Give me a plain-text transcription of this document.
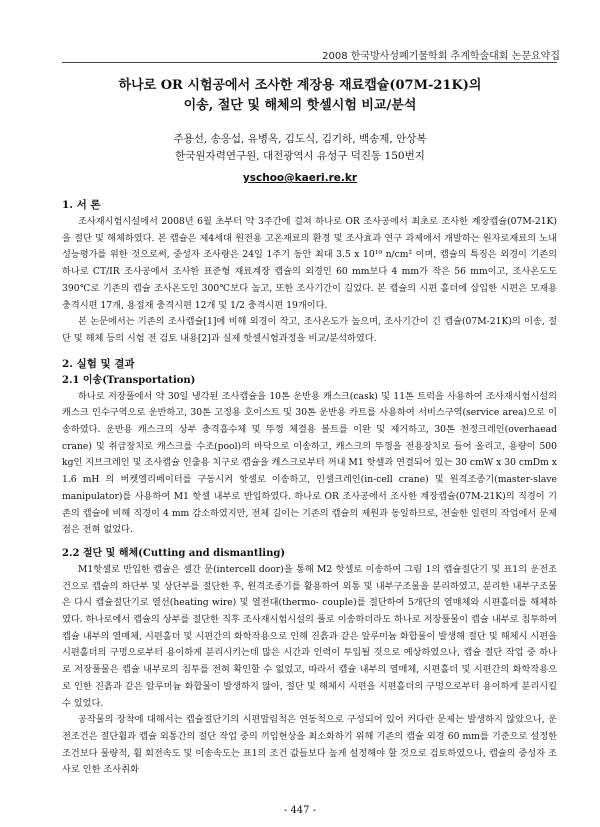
2008 한국방사성폐기물학회 추계학술대회 논문요약집
하나로 OR 시험공에서 조사한 계장용 재료캡슐(07M-21K)의
이송, 절단 및 해체의 핫셀시험 비교/분석
주용선, 송응섭, 유병옥, 김도식, 김기하, 백송제, 안상복
한국원자력연구원, 대전광역시 유성구 덕진동 150번지
yschoo@kaeri.re.kr

1. 서 론

조사재시험시설에서 2008년 6월 초부터 약 3주간에 걸쳐 하나로 OR 조사공에서 최초로 조사한 계장캡슐(07M-21K)을 절단 및 해체하였다. 본 캡슐은 제4세대 원전용 고온재료의 환경 및 조사효과 연구 과제에서 개발하는 원자로재료의 노내 성능평가를 위한 것으로써, 중성자 조사량은 24일 1주기 동안 최대 3.5 x 10¹⁹ n/cm² 이며, 캡슐의 특징은 외경이 기존의 하나로 CT/IR 조사공에서 조사한 표준형 재료계장 캡슐의 외경인 60 mm보다 4 mm가 작은 56 mm이고, 조사온도도 390℃로 기존의 캡슐 조사온도인 300℃보다 높고, 또한 조사기간이 길었다. 본 캡슐의 시편 홀더에 삽입한 시편은 모재용 충격시편 17개, 용접재 충격시편 12개 및 1/2 충격시편 19개이다.

본 논문에서는 기존의 조사캡슐[1]에 비해 외경이 작고, 조사온도가 높으며, 조사기간이 긴 캡슐(07M-21K)의 이송, 절단 및 해체 등의 시험 전 검토 내용[2]과 실제 핫셀시험과정을 비교/분석하였다.

2. 실험 및 결과

2.1 이송(Transportation)

하나로 저장풀에서 약 30일 냉각된 조사캡슐을 10톤 운반용 캐스크(cask) 및 11톤 트럭을 사용하여 조사재시험시설의 캐스크 인수구역으로 운반하고, 30톤 고정용 호이스트 및 30톤 운반용 카트를 사용하여 서비스구역(service area)으로 이송하였다. 운반용 캐스크의 상부 충격흡수체 및 뚜껑 체결용 볼트를 이완 및 제거하고, 30톤 천정크레인(overhaead crane) 및 취급장치로 캐스크를 수조(pool)의 바닥으로 이송하고, 캐스크의 뚜껑을 전용장치로 들어 올리고, 용량이 500 kg인 지브크레인 및 조사캡슐 인출용 치구로 캡슐을 캐스크로부터 꺼내 M1 핫셀과 연결되어 있는 30 cmW x 30 cmDm x 1.6 mH 의 버켓엘리베이터를 구동시켜 핫셀로 이송하고, 인셀크레인(in-cell crane) 및 원격조종기(master-slave manipulator)를 사용하여 M1 핫셀 내부로 반입하였다. 하나로 OR 조사공에서 조사한 계장캡슐(07M-21K)의 직경이 기존의 캡슐에 비해 직경이 4 mm 감소하였지만, 전체 길이는 기존의 캡슐의 제원과 동일하므로, 전술한 일련의 작업에서 문제점은 전혀 없었다.

2.2 절단 및 해체(Cutting and dismantling)

M1핫셀로 반입한 캡슐은 셀간 문(intercell door)을 통해 M2 핫셀로 이송하여 그림 1의 캡슐절단기 및 표1의 운전조건으로 캡슐의 하단부 및 상단부를 절단한 후, 원격조종기를 활용하여 외통 및 내부구조물을 분리하였고, 분리한 내부구조물은 다시 캡슐절단기로 열선(heating wire) 및 열전대(thermo- couple)를 절단하여 5개단의 열매체와 시편홀더를 해체하였다. 하나로에서 캡슐의 상부를 절단한 직후 조사재시험시설의 풀로 이송하더라도 하나로 저장풀물이 캡슐 내부로 침투하여 캡슐 내부의 열매체, 시편홀더 및 시편간의 화학작용으로 인해 진흙과 같은 알루미늄 화합물이 발생해 절단 및 해체시 시편을 시편홀더의 구멍으로부터 용이하게 분리시키는데 많은 시간과 인력이 투입될 것으로 예상하였으나, 캡슐 절단 작업 중 하나로 저장풀물은 캡슐 내부로의 침투를 전혀 확인할 수 없었고, 따라서 캡슐 내부의 열매체, 시편홀더 및 시편간의 화학작용으로 인한 진흙과 같은 알루미늄 화합물이 발생하지 않아, 절단 및 해체시 시편을 시편홀더의 구멍으로부터 용이하게 분리시킬 수 있었다.

공작물의 장착에 대해서는 캡슐절단기의 시편말림척은 연동척으로 구성되어 있어 커다란 문제는 발생하지 않았으나, 운전조건은 절단휠과 캡슐 외통간의 절단 작업 중의 끼임현상을 최소화하기 위해 기존의 캡슐 외경 60 mm를 기준으로 설정한 조건보다 물량적, 휠 회전속도 및 이송속도는 표1의 조건 값들보다 높게 설정해야 할 것으로 검토하였으나, 캡슐의 중성자 조사로 인한 조사취화

- 447 -
